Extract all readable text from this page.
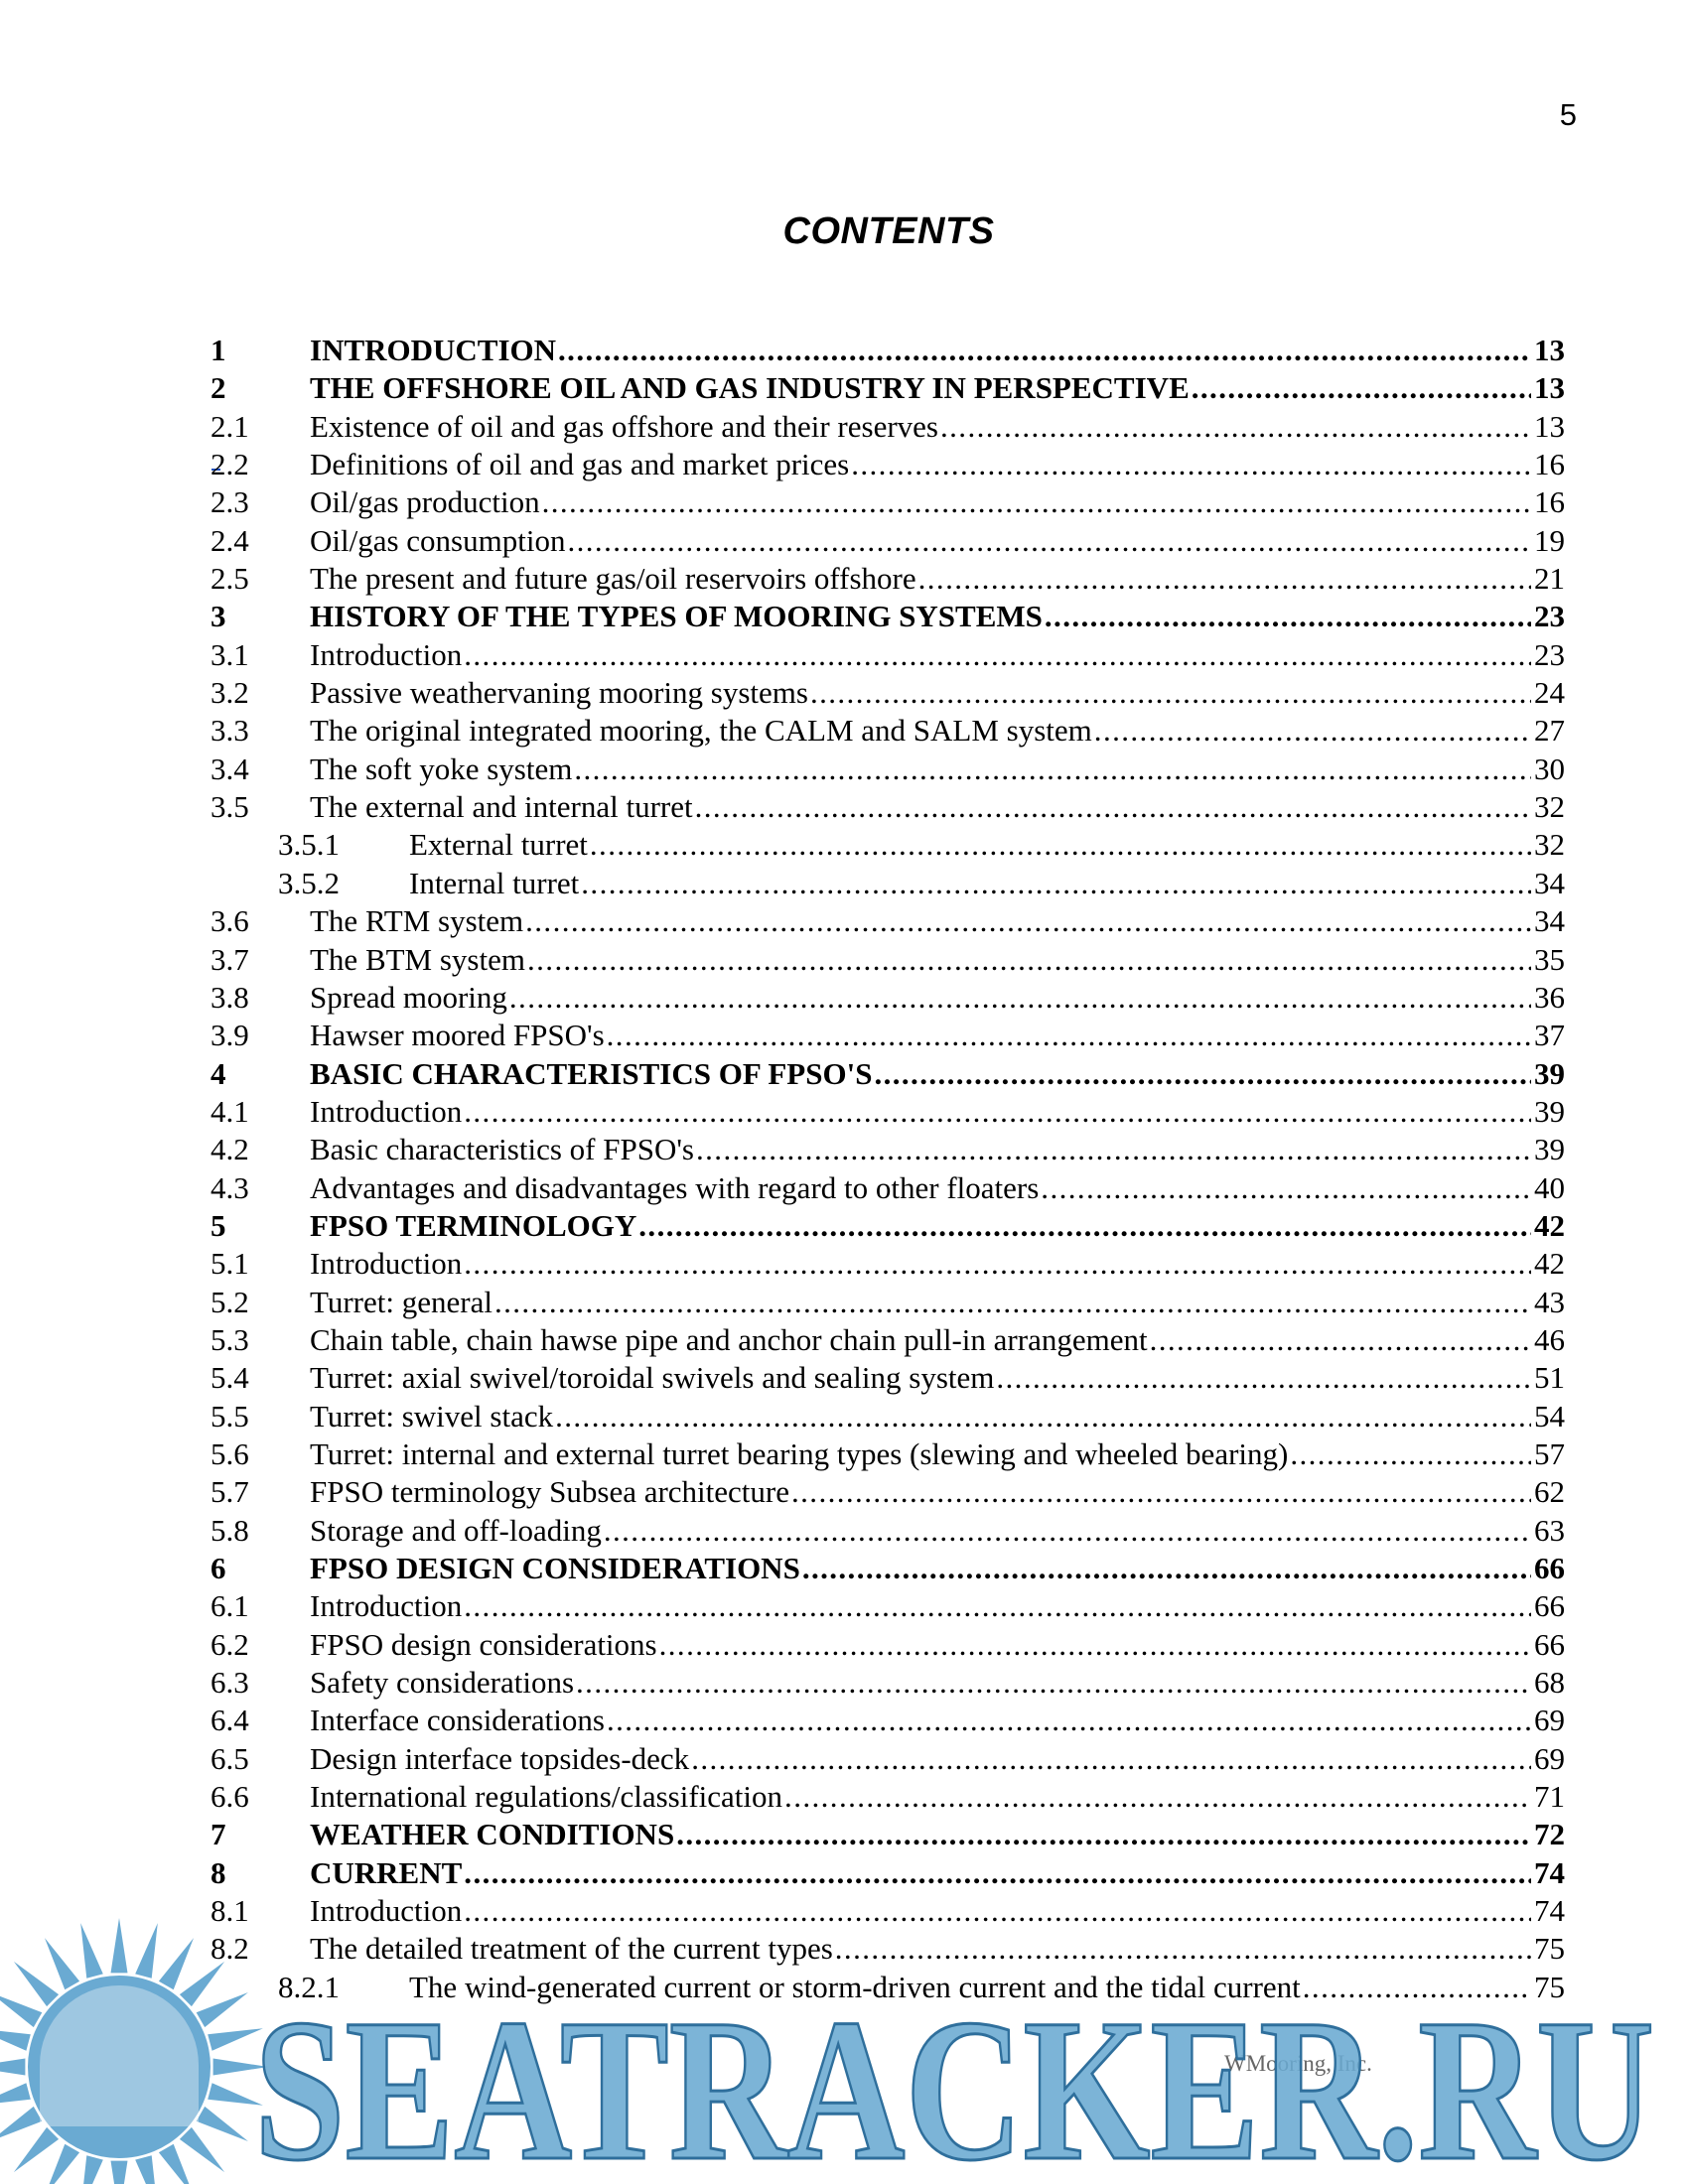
5
CONTENTS
1	INTRODUCTION .....	13
2	THE OFFSHORE OIL AND GAS INDUSTRY IN PERSPECTIVE .....	13
2.1	Existence of oil and gas offshore and their reserves .....	13
2.2	Definitions of oil and gas and market prices .....	16
2.3	Oil/gas production .....	16
2.4	Oil/gas consumption .....	19
2.5	The present and future gas/oil reservoirs offshore .....	21
3	HISTORY OF THE TYPES OF MOORING SYSTEMS .....	23
3.1	Introduction .....	23
3.2	Passive weathervaning mooring systems .....	24
3.3	The original integrated mooring, the CALM and SALM system .....	27
3.4	The soft yoke system .....	30
3.5	The external and internal turret .....	32
3.5.1	External turret .....	32
3.5.2	Internal turret .....	34
3.6	The RTM system .....	34
3.7	The BTM system .....	35
3.8	Spread mooring .....	36
3.9	Hawser moored FPSO's .....	37
4	BASIC CHARACTERISTICS OF FPSO'S .....	39
4.1	Introduction .....	39
4.2	Basic characteristics of FPSO's .....	39
4.3	Advantages and disadvantages with regard to other floaters .....	40
5	FPSO TERMINOLOGY .....	42
5.1	Introduction .....	42
5.2	Turret: general .....	43
5.3	Chain table, chain hawse pipe and anchor chain pull-in arrangement .....	46
5.4	Turret: axial swivel/toroidal swivels and sealing system .....	51
5.5	Turret: swivel stack .....	54
5.6	Turret: internal and external turret bearing types (slewing and wheeled bearing) .....	57
5.7	FPSO terminology Subsea architecture .....	62
5.8	Storage and off-loading .....	63
6	FPSO DESIGN CONSIDERATIONS .....	66
6.1	Introduction .....	66
6.2	FPSO design considerations .....	66
6.3	Safety considerations .....	68
6.4	Interface considerations .....	69
6.5	Design interface topsides-deck .....	69
6.6	International regulations/classification .....	71
7	WEATHER CONDITIONS .....	72
8	CURRENT .....	74
8.1	Introduction .....	74
8.2	The detailed treatment of the current types .....	75
8.2.1	The wind-generated current or storm-driven current and the tidal current .....	75
WMooring, Inc.
SEATRACKER.RU
